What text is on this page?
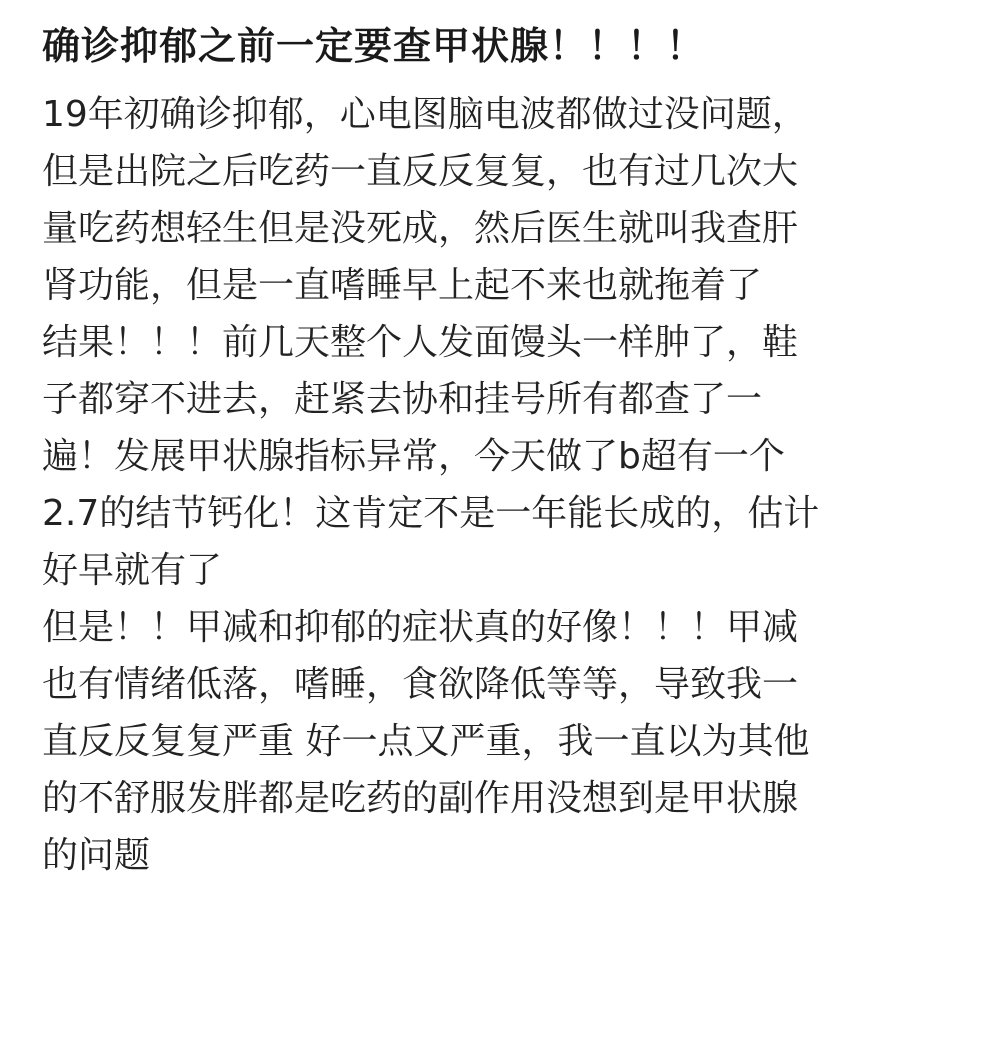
确诊抑郁之前一定要查甲状腺！！！！
19年初确诊抑郁，心电图脑电波都做过没问题，
但是出院之后吃药一直反反复复，也有过几次大
量吃药想轻生但是没死成，然后医生就叫我查肝
肾功能，但是一直嗜睡早上起不来也就拖着了
结果！！！前几天整个人发面馒头一样肿了，鞋
子都穿不进去，赶紧去协和挂号所有都查了一
遍！发展甲状腺指标异常，今天做了b超有一个
2.7的结节钙化！这肯定不是一年能长成的，估计
好早就有了
但是！！甲减和抑郁的症状真的好像！！！甲减
也有情绪低落，嗜睡，食欲降低等等，导致我一
直反反复复严重 好一点又严重，我一直以为其他
的不舒服发胖都是吃药的副作用没想到是甲状腺
的问题
